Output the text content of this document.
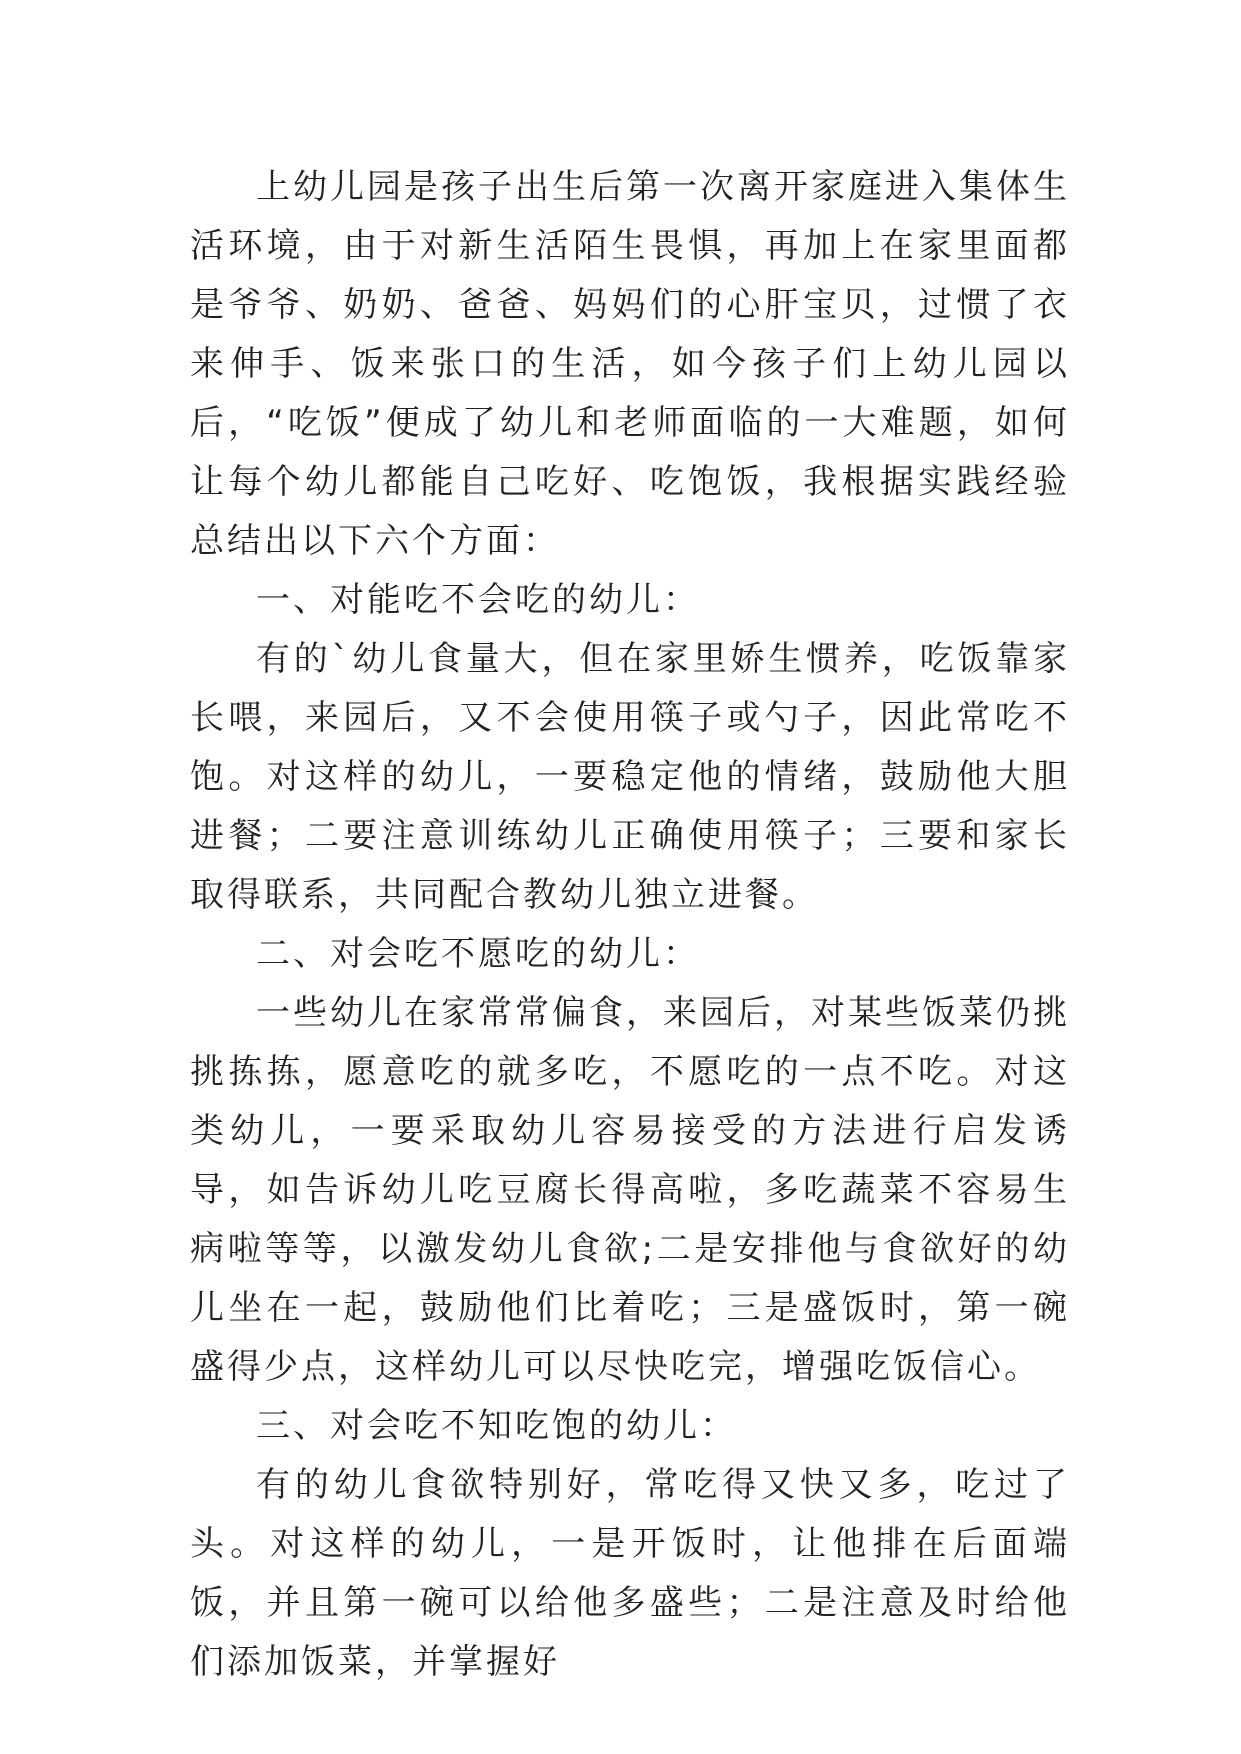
上幼儿园是孩子出生后第一次离开家庭进入集体生活环境，由于对新生活陌生畏惧，再加上在家里面都是爷爷、奶奶、爸爸、妈妈们的心肝宝贝，过惯了衣来伸手、饭来张口的生活，如今孩子们上幼儿园以后，“吃饭”便成了幼儿和老师面临的一大难题，如何让每个幼儿都能自己吃好、吃饱饭，我根据实践经验总结出以下六个方面：

一、对能吃不会吃的幼儿：

有的`幼儿食量大，但在家里娇生惯养，吃饭靠家长喂，来园后，又不会使用筷子或勺子，因此常吃不饱。对这样的幼儿，一要稳定他的情绪，鼓励他大胆进餐；二要注意训练幼儿正确使用筷子；三要和家长取得联系，共同配合教幼儿独立进餐。

二、对会吃不愿吃的幼儿：

一些幼儿在家常常偏食，来园后，对某些饭菜仍挑挑拣拣，愿意吃的就多吃，不愿吃的一点不吃。对这类幼儿，一要采取幼儿容易接受的方法进行启发诱导，如告诉幼儿吃豆腐长得高啦，多吃蔬菜不容易生病啦等等，以激发幼儿食欲;二是安排他与食欲好的幼儿坐在一起，鼓励他们比着吃；三是盛饭时，第一碗盛得少点，这样幼儿可以尽快吃完，增强吃饭信心。

三、对会吃不知吃饱的幼儿：

有的幼儿食欲特别好，常吃得又快又多，吃过了头。对这样的幼儿，一是开饭时，让他排在后面端饭，并且第一碗可以给他多盛些；二是注意及时给他们添加饭菜，并掌握好
